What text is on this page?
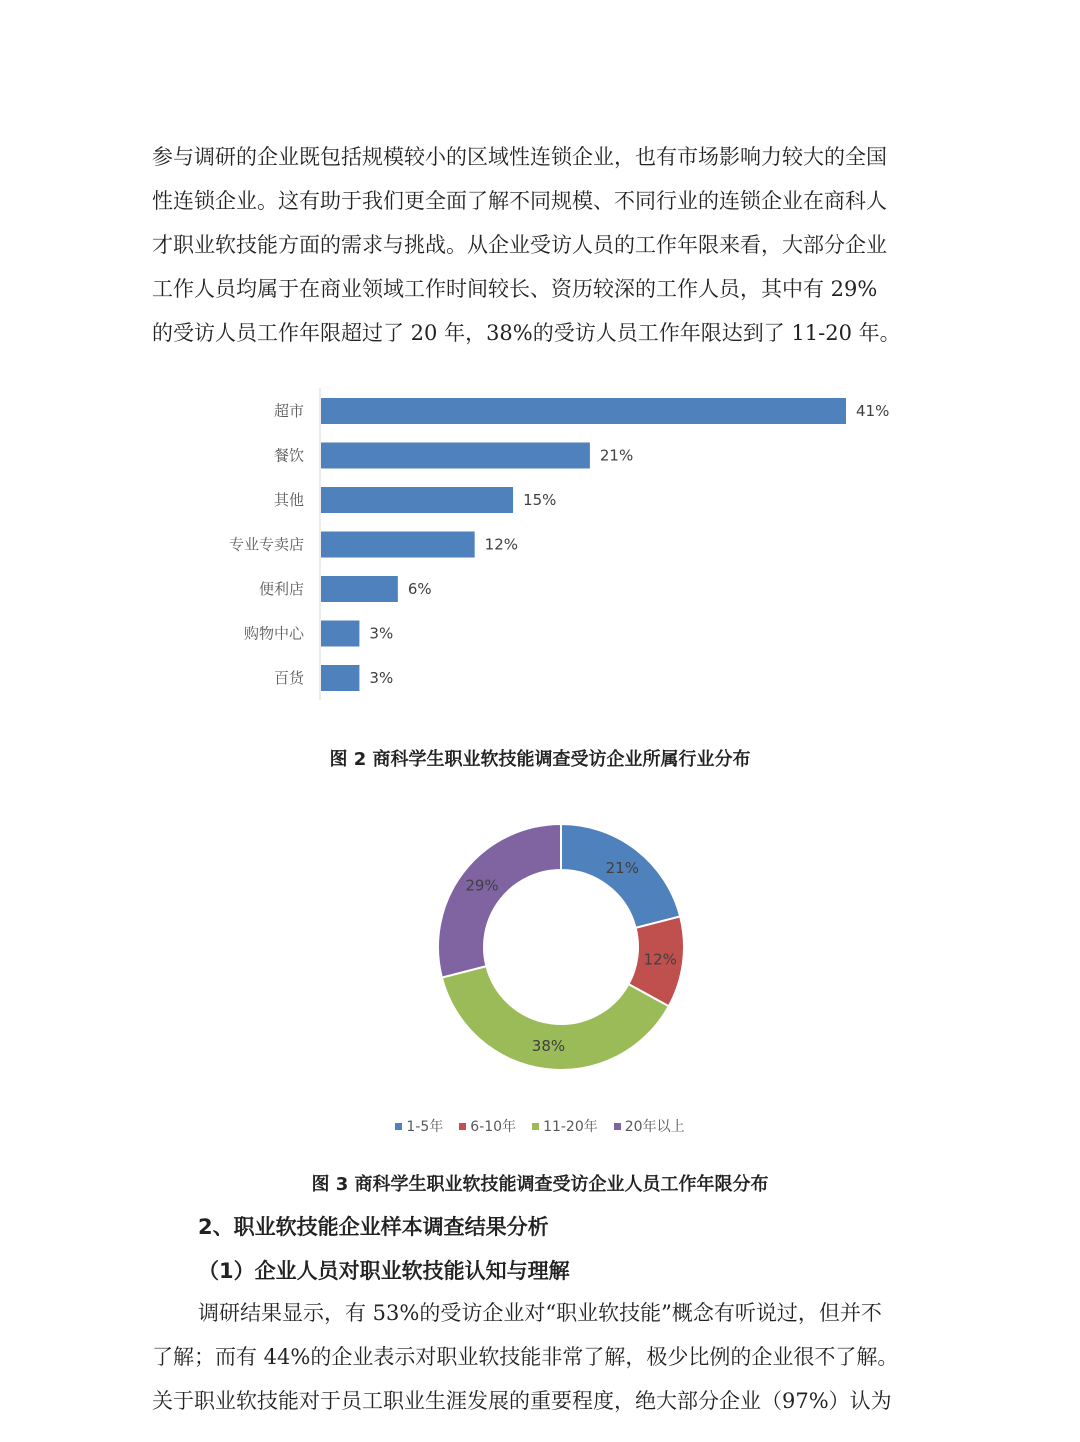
参与调研的企业既包括规模较小的区域性连锁企业，也有市场影响力较大的全国
性连锁企业。这有助于我们更全面了解不同规模、不同行业的连锁企业在商科人
才职业软技能方面的需求与挑战。从企业受访人员的工作年限来看，大部分企业
工作人员均属于在商业领域工作时间较长、资历较深的工作人员，其中有 29%
的受访人员工作年限超过了 20 年，38%的受访人员工作年限达到了 11-20 年。
超市	41%
餐饮	21%
其他	15%
专业专卖店	12%
便利店	6%
购物中心	3%
百货	3%

图 2 商科学生职业软技能调查受访企业所属行业分布

21%
12%
38%
29%
1-5年 6-10年 11-20年 20年以上

图 3 商科学生职业软技能调查受访企业人员工作年限分布

2、职业软技能企业样本调查结果分析

（1）企业人员对职业软技能认知与理解

调研结果显示，有 53%的受访企业对“职业软技能”概念有听说过，但并不
了解；而有 44%的企业表示对职业软技能非常了解，极少比例的企业很不了解。
关于职业软技能对于员工职业生涯发展的重要程度，绝大部分企业（97%）认为
